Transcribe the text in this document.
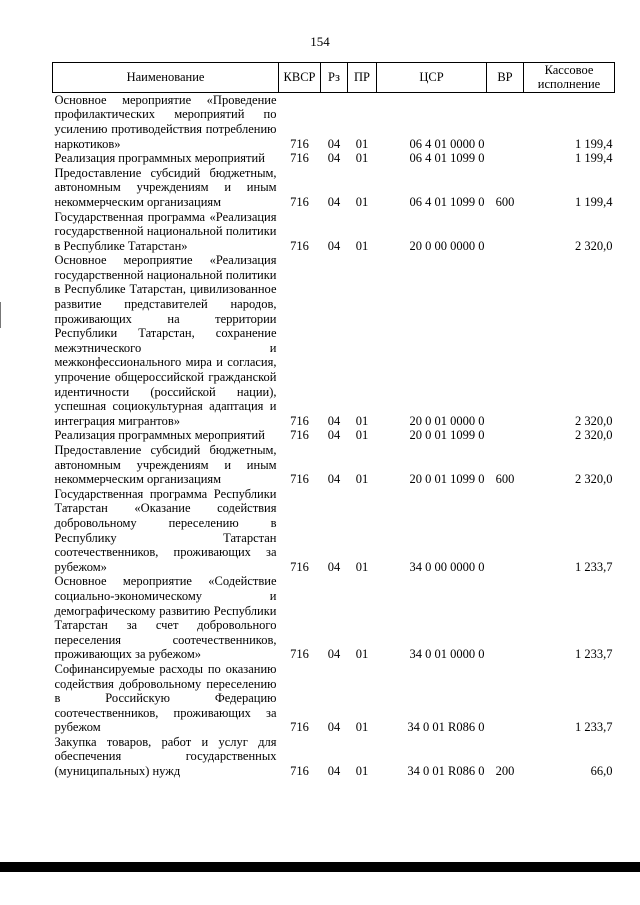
154
Наименование	КВСР	Рз	ПР	ЦСР	ВР	Кассовое исполнение
Основное мероприятие «Проведение профилактических мероприятий по усилению противодействия потреблению наркотиков»	716	04	01	06 4 01 0000 0		1 199,4
Реализация программных мероприятий	716	04	01	06 4 01 1099 0		1 199,4
Предоставление субсидий бюджетным, автономным учреждениям и иным некоммерческим организациям	716	04	01	06 4 01 1099 0	600	1 199,4
Государственная программа «Реализация государственной национальной политики в Республике Татарстан»	716	04	01	20 0 00 0000 0		2 320,0
Основное мероприятие «Реализация государственной национальной политики в Республике Татарстан, цивилизованное развитие представителей народов, проживающих на территории Республики Татарстан, сохранение межэтнического и межконфессионального мира и согласия, упрочение общероссийской гражданской идентичности (российской нации), успешная социокультурная адаптация и интеграция мигрантов»	716	04	01	20 0 01 0000 0		2 320,0
Реализация программных мероприятий	716	04	01	20 0 01 1099 0		2 320,0
Предоставление субсидий бюджетным, автономным учреждениям и иным некоммерческим организациям	716	04	01	20 0 01 1099 0	600	2 320,0
Государственная программа Республики Татарстан «Оказание содействия добровольному переселению в Республику Татарстан соотечественников, проживающих за рубежом»	716	04	01	34 0 00 0000 0		1 233,7
Основное мероприятие «Содействие социально-экономическому и демографическому развитию Республики Татарстан за счет добровольного переселения соотечественников, проживающих за рубежом»	716	04	01	34 0 01 0000 0		1 233,7
Софинансируемые расходы по оказанию содействия добровольному переселению в Российскую Федерацию соотечественников, проживающих за рубежом	716	04	01	34 0 01 R086 0		1 233,7
Закупка товаров, работ и услуг для обеспечения государственных (муниципальных) нужд	716	04	01	34 0 01 R086 0	200	66,0
